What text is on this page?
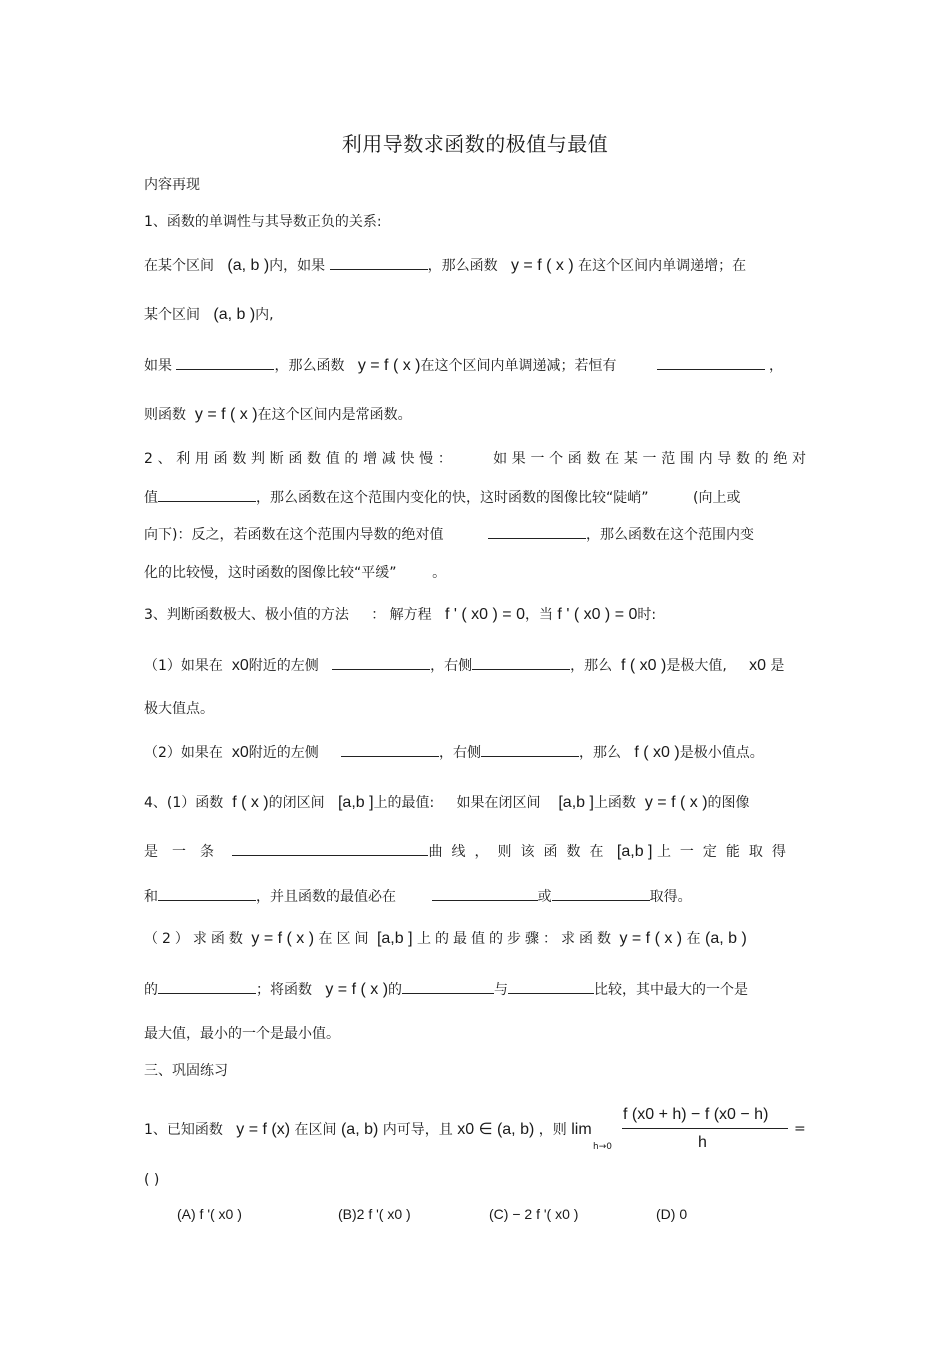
利用导数求函数的极值与最值
内容再现
1、函数的单调性与其导数正负的关系:
在某个区间 (a, b )内，如果	，那么函数 y = f ( x ) 在这个区间内单调递增；在
某个区间 (a, b )内,
如果	，那么函数 y = f ( x )在这个区间内单调递减；若恒有	，
则函数 y = f ( x )在这个区间内是常函数。
2、利用函数判断函数值的增减快慢：	如果一个函数在某一范围内导数的绝对
值	，那么函数在这个范围内变化的快，这时函数的图像比较“陡峭”	(向上或
向下)：反之，若函数在这个范围内导数的绝对值	，那么函数在这个范围内变
化的比较慢，这时函数的图像比较“平缓”	。
3、判断函数极大、极小值的方法 ： 解方程 f ' ( x0 ) = 0，当 f ' ( x0 ) = 0时:
（1）如果在 x0附近的左侧	，右侧	，那么 f ( x0 )是极大值, x0 是
极大值点。
（2）如果在 x0附近的左侧	，右侧	，那么 f ( x0 )是极小值点。
4、(1）函数 f ( x )的闭区间 [a,b ]上的最值: 如果在闭区间 [a,b ]上函数 y = f ( x )的图像
是一条	曲线，则该函数在 [a,b ] 上一定能取得
和	，并且函数的最值必在	或	取得。
（2）求函数 y = f ( x ) 在区间 [a,b ] 上的最值的步骤：求函数 y = f ( x ) 在 (a, b )
的	；将函数 y = f ( x )的	与	比较，其中最大的一个是
最大值，最小的一个是最小值。
三、巩固练习
1、已知函数 y = f (x) 在区间 (a, b) 内可导，且 x0 ∈ (a, b) ，则 lim
h→0
f (x0 + h) − f (x0 − h)
h
=
( )
(A) f '( x0 )	(B)2 f '( x0 )	(C) − 2 f '( x0 )	(D) 0
